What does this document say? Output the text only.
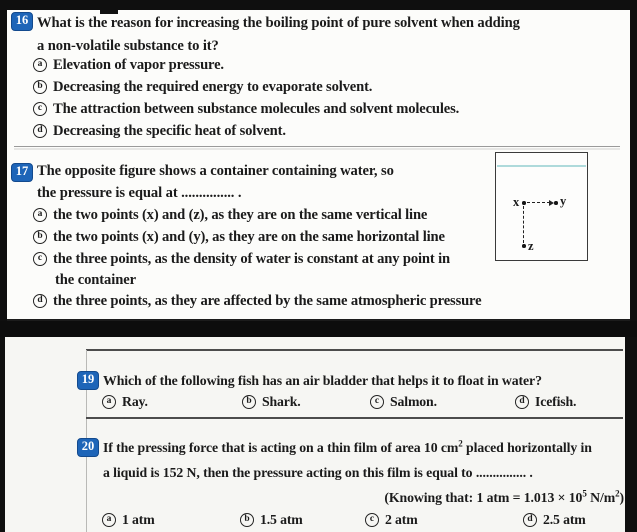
16 What is the reason for increasing the boiling point of pure solvent when adding
a non-volatile substance to it?
a Elevation of vapor pressure.
b Decreasing the required energy to evaporate solvent.
c The attraction between substance molecules and solvent molecules.
d Decreasing the specific heat of solvent.
17 The opposite figure shows a container containing water, so
the pressure is equal at ............... .
a the two points (x) and (z), as they are on the same vertical line
b the two points (x) and (y), as they are on the same horizontal line
c the three points, as the density of water is constant at any point in
the container
d the three points, as they are affected by the same atmospheric pressure
x	y
z
19 Which of the following fish has an air bladder that helps it to float in water?
a Ray.	b Shark.	c Salmon.	d Icefish.
20 If the pressing force that is acting on a thin film of area 10 $cm^2$ placed horizontally in
a liquid is 152 N, then the pressure acting on this film is equal to ............... .
(Knowing that: 1 atm = $1.013 \times 10^5$ $N/m^2$)
a 1 atm	b 1.5 atm	c 2 atm	d 2.5 atm
